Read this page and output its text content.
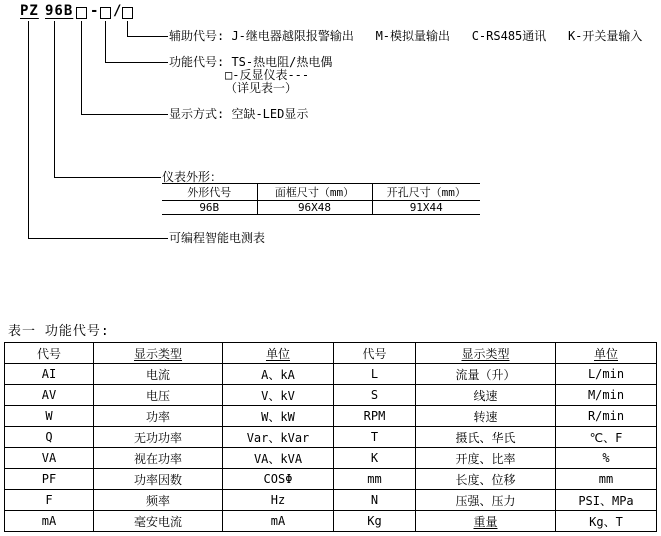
PZ 96B - /
辅助代号: J-继电器越限报警输出   M-模拟量输出   C-RS485通讯   K-开关量输入
功能代号: TS-热电阻/热电偶
□-反显仪表---
（详见表一）
显示方式: 空缺-LED显示
仪表外形：
可编程智能电测表
外形代号	面框尺寸（mm）	开孔尺寸（mm）
96B	96X48	91X44
表一 功能代号:
代号	显示类型	单位	代号	显示类型	单位
AI	电流	A、kA	L	流量（升）	L/min
AV	电压	V、kV	S	线速	M/min
W	功率	W、kW	RPM	转速	R/min
Q	无功功率	Var、kVar	T	摄氏、华氏	℃、F
VA	视在功率	VA、kVA	K	开度、比率	%
PF	功率因数	COSΦ	mm	长度、位移	mm
F	频率	Hz	N	压强、压力	PSI、MPa
mA	毫安电流	mA	Kg	重量	Kg、T
